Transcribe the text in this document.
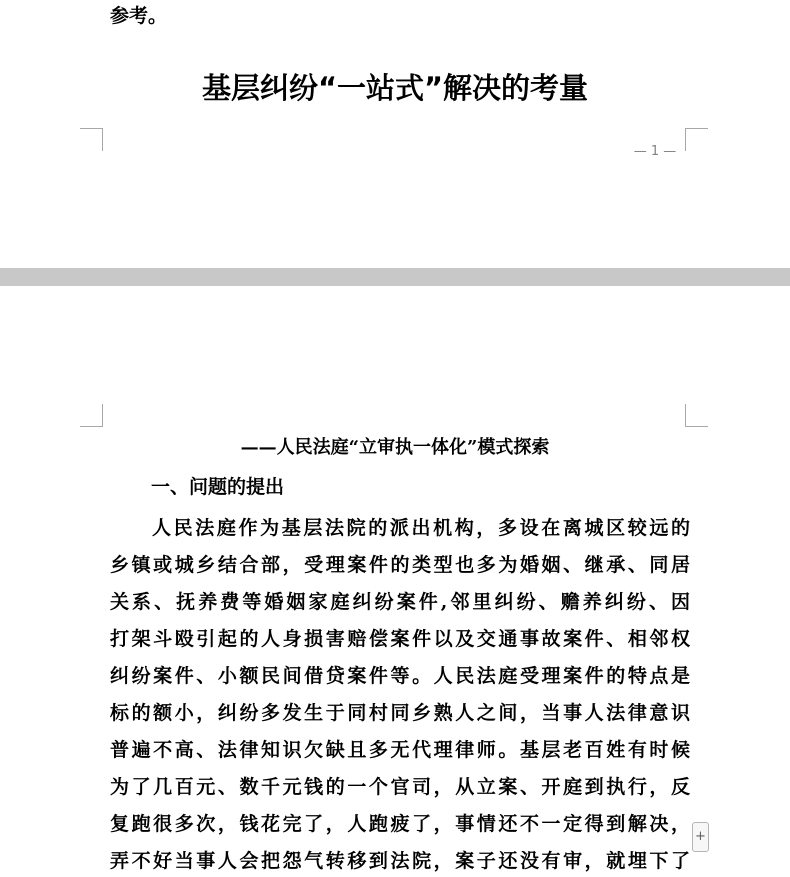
参考。
基层纠纷“一站式”解决的考量
— 1 —
——人民法庭“立审执一体化”模式探索
一、问题的提出
人民法庭作为基层法院的派出机构，多设在离城区较远的
乡镇或城乡结合部，受理案件的类型也多为婚姻、继承、同居
关系、抚养费等婚姻家庭纠纷案件,邻里纠纷、赡养纠纷、因
打架斗殴引起的人身损害赔偿案件以及交通事故案件、相邻权
纠纷案件、小额民间借贷案件等。人民法庭受理案件的特点是
标的额小，纠纷多发生于同村同乡熟人之间，当事人法律意识
普遍不高、法律知识欠缺且多无代理律师。基层老百姓有时候
为了几百元、数千元钱的一个官司，从立案、开庭到执行，反
复跑很多次，钱花完了，人跑疲了，事情还不一定得到解决，
弄不好当事人会把怨气转移到法院，案子还没有审，就埋下了
+
